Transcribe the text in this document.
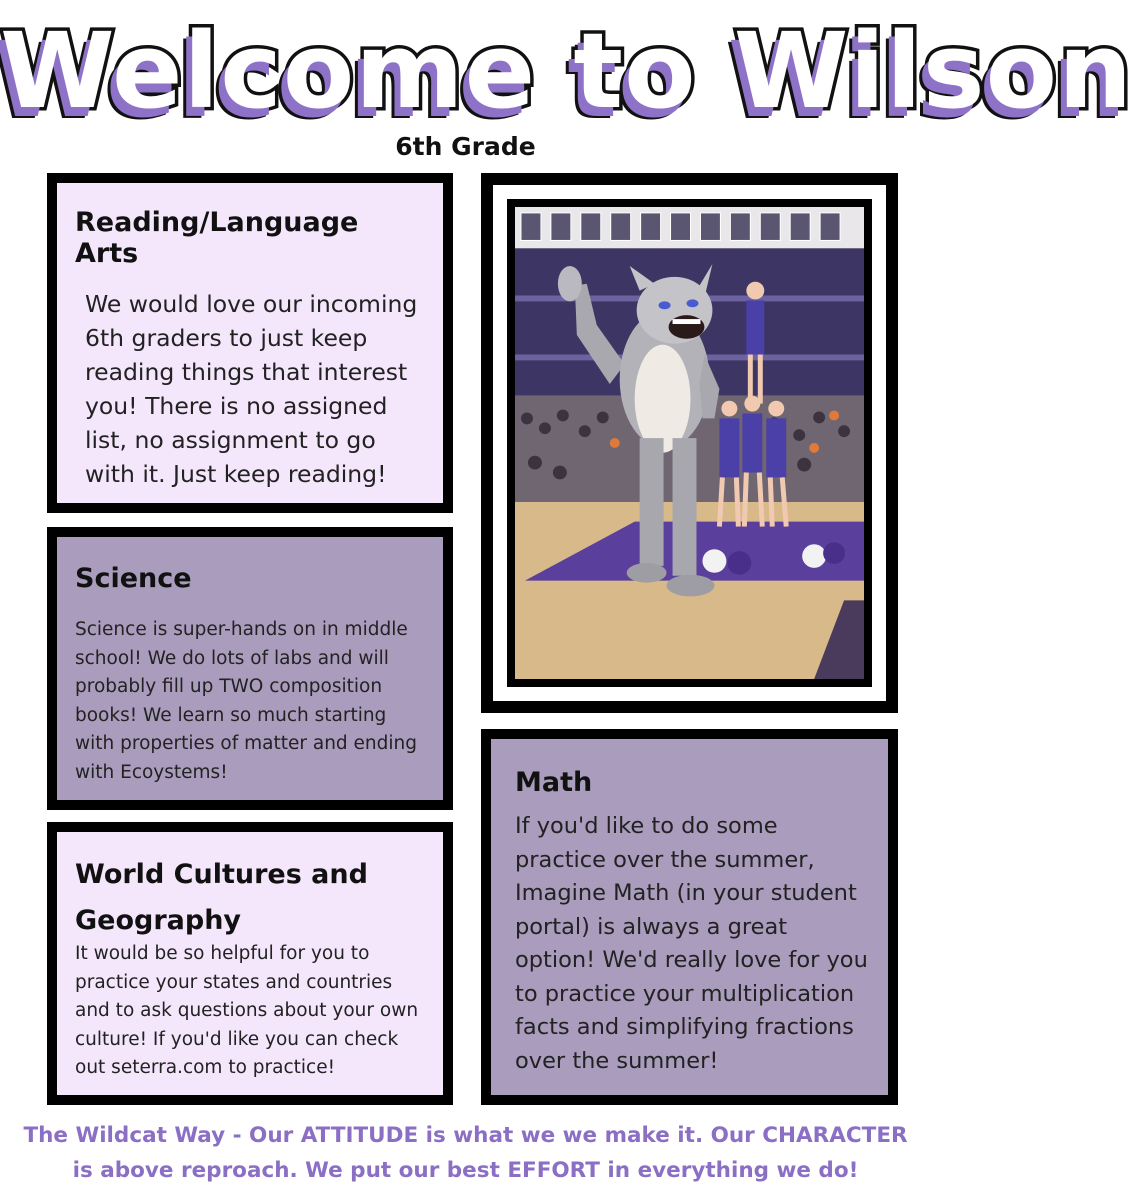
Welcome to Wilson
6th Grade

Reading/Language Arts

We would love our incoming 6th graders to just keep reading things that interest you! There is no assigned list, no assignment to go with it. Just keep reading!

Science

Science is super-hands on in middle school! We do lots of labs and will probably fill up TWO composition books! We learn so much starting with properties of matter and ending with Ecoystems!

World Cultures and Geography

It would be so helpful for you to practice your states and countries and to ask questions about your own culture! If you'd like you can check out seterra.com to practice!

Math

If you'd like to do some practice over the summer, Imagine Math (in your student portal) is always a great option! We'd really love for you to practice your multiplication facts and simplifying fractions over the summer!

The Wildcat Way - Our ATTITUDE is what we we make it. Our CHARACTER
is above reproach. We put our best EFFORT in everything we do!
